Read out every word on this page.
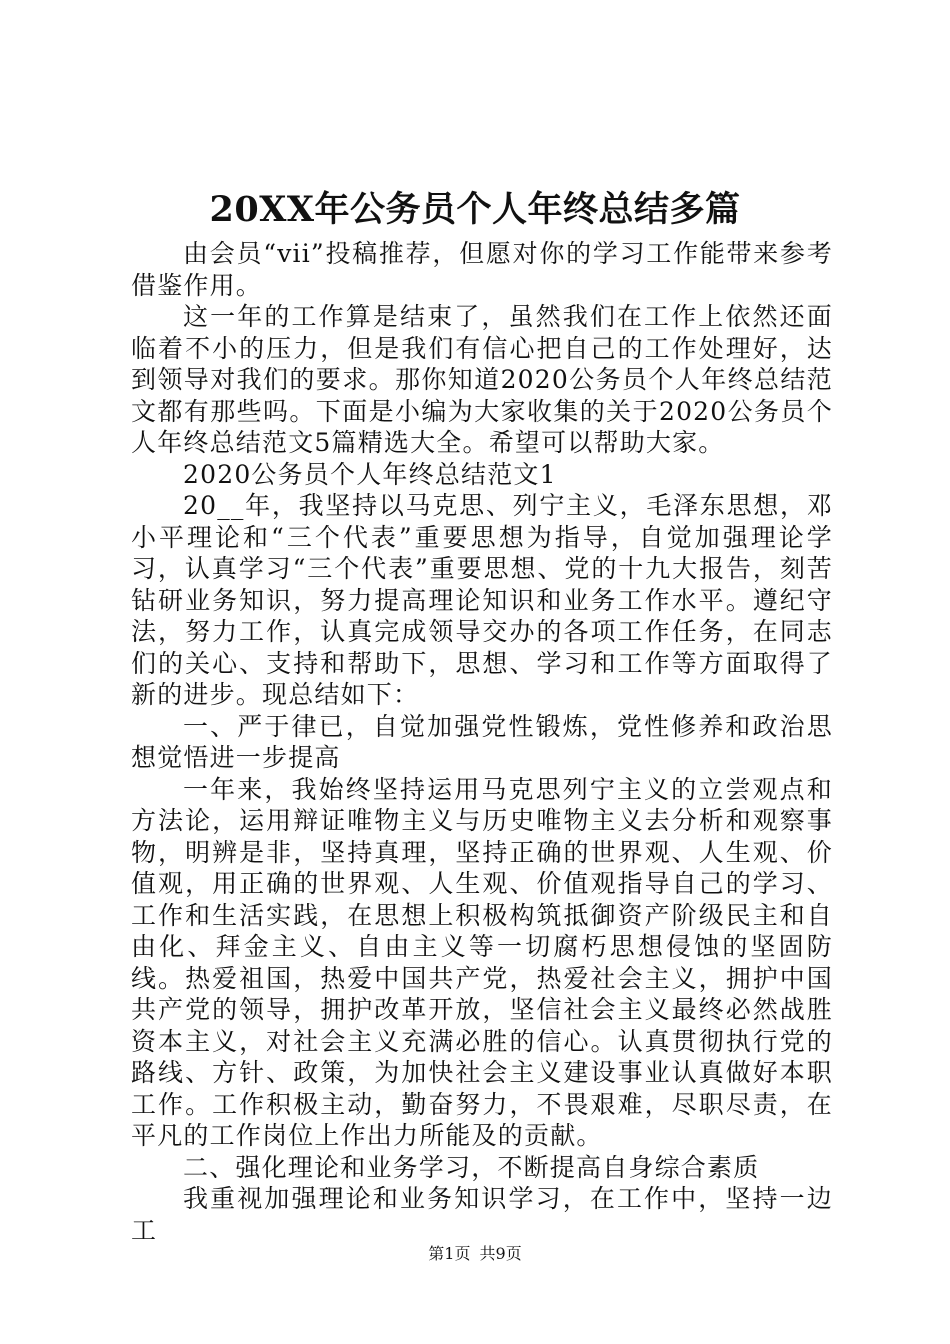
20XX年公务员个人年终总结多篇

由会员“vii”投稿推荐，但愿对你的学习工作能带来参考借鉴作用。

这一年的工作算是结束了，虽然我们在工作上依然还面临着不小的压力，但是我们有信心把自己的工作处理好，达到领导对我们的要求。那你知道2020公务员个人年终总结范文都有那些吗。下面是小编为大家收集的关于2020公务员个人年终总结范文5篇精选大全。希望可以帮助大家。

2020公务员个人年终总结范文1

20__年，我坚持以马克思、列宁主义，毛泽东思想，邓小平理论和“三个代表”重要思想为指导，自觉加强理论学习，认真学习“三个代表”重要思想、党的十九大报告，刻苦钻研业务知识，努力提高理论知识和业务工作水平。遵纪守法，努力工作，认真完成领导交办的各项工作任务，在同志们的关心、支持和帮助下，思想、学习和工作等方面取得了新的进步。现总结如下：

一、严于律已，自觉加强党性锻炼，党性修养和政治思想觉悟进一步提高

一年来，我始终坚持运用马克思列宁主义的立尝观点和方法论，运用辩证唯物主义与历史唯物主义去分析和观察事物，明辨是非，坚持真理，坚持正确的世界观、人生观、价值观，用正确的世界观、人生观、价值观指导自己的学习、工作和生活实践，在思想上积极构筑抵御资产阶级民主和自由化、拜金主义、自由主义等一切腐朽思想侵蚀的坚固防线。热爱祖国，热爱中国共产党，热爱社会主义，拥护中国共产党的领导，拥护改革开放，坚信社会主义最终必然战胜资本主义，对社会主义充满必胜的信心。认真贯彻执行党的路线、方针、政策，为加快社会主义建设事业认真做好本职工作。工作积极主动，勤奋努力，不畏艰难，尽职尽责，在平凡的工作岗位上作出力所能及的贡献。

二、强化理论和业务学习，不断提高自身综合素质

我重视加强理论和业务知识学习，在工作中，坚持一边工

第1页 共9页
